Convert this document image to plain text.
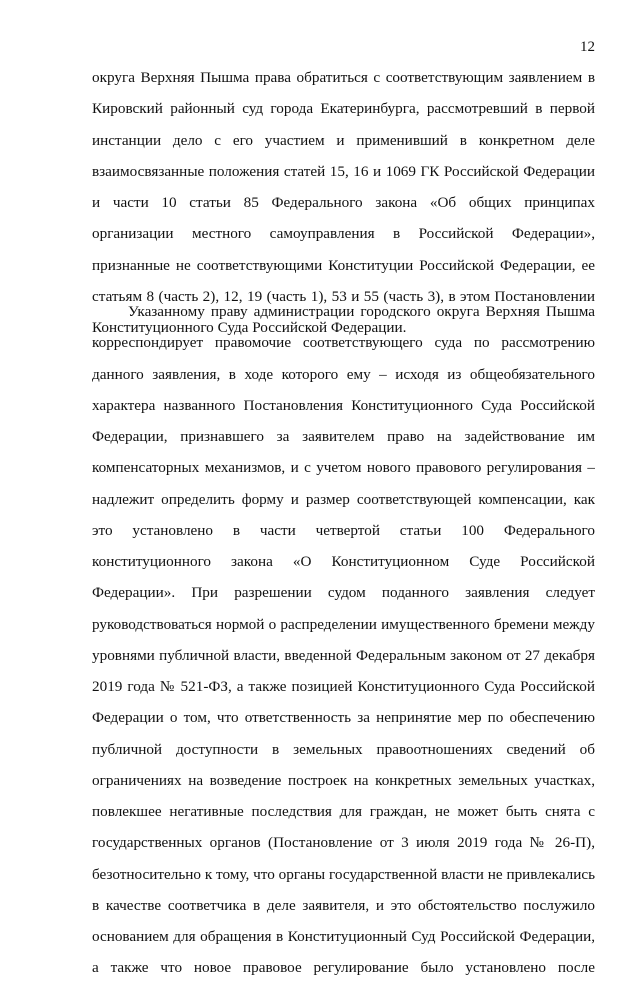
12
округа Верхняя Пышма права обратиться с соответствующим заявлением в
Кировский районный суд города Екатеринбурга, рассмотревший в первой
инстанции дело с его участием и применивший в конкретном деле
взаимосвязанные положения статей 15, 16 и 1069 ГК Российской Федерации
и части 10 статьи 85 Федерального закона «Об общих принципах
организации местного самоуправления в Российской Федерации»,
признанные не соответствующими Конституции Российской Федерации, ее
статьям 8 (часть 2), 12, 19 (часть 1), 53 и 55 (часть 3), в этом Постановлении
Конституционного Суда Российской Федерации.
Указанному праву администрации городского округа Верхняя Пышма
корреспондирует правомочие соответствующего суда по рассмотрению
данного заявления, в ходе которого ему – исходя из общеобязательного
характера названного Постановления Конституционного Суда Российской
Федерации, признавшего за заявителем право на задействование им
компенсаторных механизмов, и с учетом нового правового регулирования –
надлежит определить форму и размер соответствующей компенсации, как
это установлено в части четвертой статьи 100 Федерального
конституционного закона «О Конституционном Суде Российской
Федерации». При разрешении судом поданного заявления следует
руководствоваться нормой о распределении имущественного бремени между
уровнями публичной власти, введенной Федеральным законом от 27 декабря
2019 года № 521-ФЗ, а также позицией Конституционного Суда Российской
Федерации о том, что ответственность за непринятие мер по обеспечению
публичной доступности в земельных правоотношениях сведений об
ограничениях на возведение построек на конкретных земельных участках,
повлекшее негативные последствия для граждан, не может быть снята с
государственных органов (Постановление от 3 июля 2019 года № 26-П),
безотносительно к тому, что органы государственной власти не привлекались
в качестве соответчика в деле заявителя, и это обстоятельство послужило
основанием для обращения в Конституционный Суд Российской Федерации,
а также что новое правовое регулирование было установлено после
